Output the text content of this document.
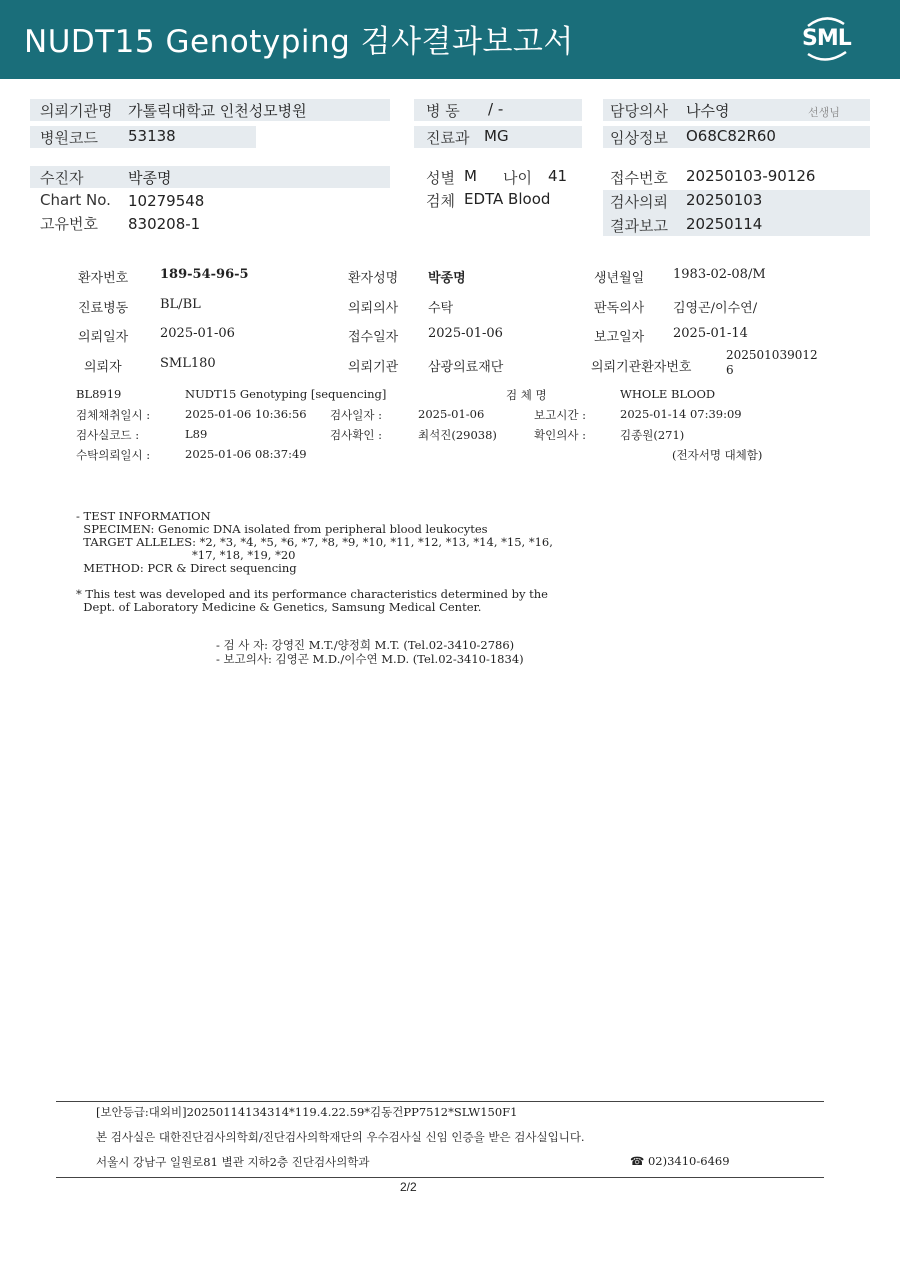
NUDT15 Genotyping 검사결과보고서	SML
의뢰기관명 가톨릭대학교 인천성모병원	병 동 / -	담당의사 나수영	선생님
병원코드 53138	진료과 MG	임상정보 O68C82R60
수진자	박종명	성별 M 나이 41	접수번호 20250103-90126
Chart No. 10279548	검체 EDTA Blood	검사의뢰 20250103
고유번호 830208-1	결과보고 20250114
환자번호 189-54-96-5	환자성명 박종명	생년월일 1983-02-08/M
진료병동 BL/BL	의뢰의사 수탁	판독의사 김영곤/이수연/
의뢰일자 2025-01-06	접수일자 2025-01-06	보고일자 2025-01-14
의뢰자	SML180	의뢰기관 삼광의료재단	의뢰기관환자번호
202501039012
6
BL8919	NUDT15 Genotyping [sequencing]	검 체 명	WHOLE BLOOD
검체채취일시 :	2025-01-06 10:36:56 검사일자 :	2025-01-06	보고시간 :	2025-01-14 07:39:09
검사실코드 :	L89	검사확인 :	최석진(29038)	확인의사 :	김종원(271)
수탁의뢰일시 :	2025-01-06 08:37:49	(전자서명 대체함)
- TEST INFORMATION
SPECIMEN: Genomic DNA isolated from peripheral blood leukocytes
TARGET ALLELES: *2, *3, *4, *5, *6, *7, *8, *9, *10, *11, *12, *13, *14, *15, *16,
*17, *18, *19, *20
METHOD: PCR & Direct sequencing
* This test was developed and its performance characteristics determined by the
Dept. of Laboratory Medicine & Genetics, Samsung Medical Center.
- 검 사 자: 강영진 M.T./양정희 M.T. (Tel.02-3410-2786)
- 보고의사: 김영곤 M.D./이수연 M.D. (Tel.02-3410-1834)
[보안등급:대외비]20250114134314*119.4.22.59*김동건PP7512*SLW150F1
본 검사실은 대한진단검사의학회/진단검사의학재단의 우수검사실 신임 인증을 받은 검사실입니다.
서울시 강남구 일원로81 별관 지하2층 진단검사의학과	☎ 02)3410-6469
2/2
